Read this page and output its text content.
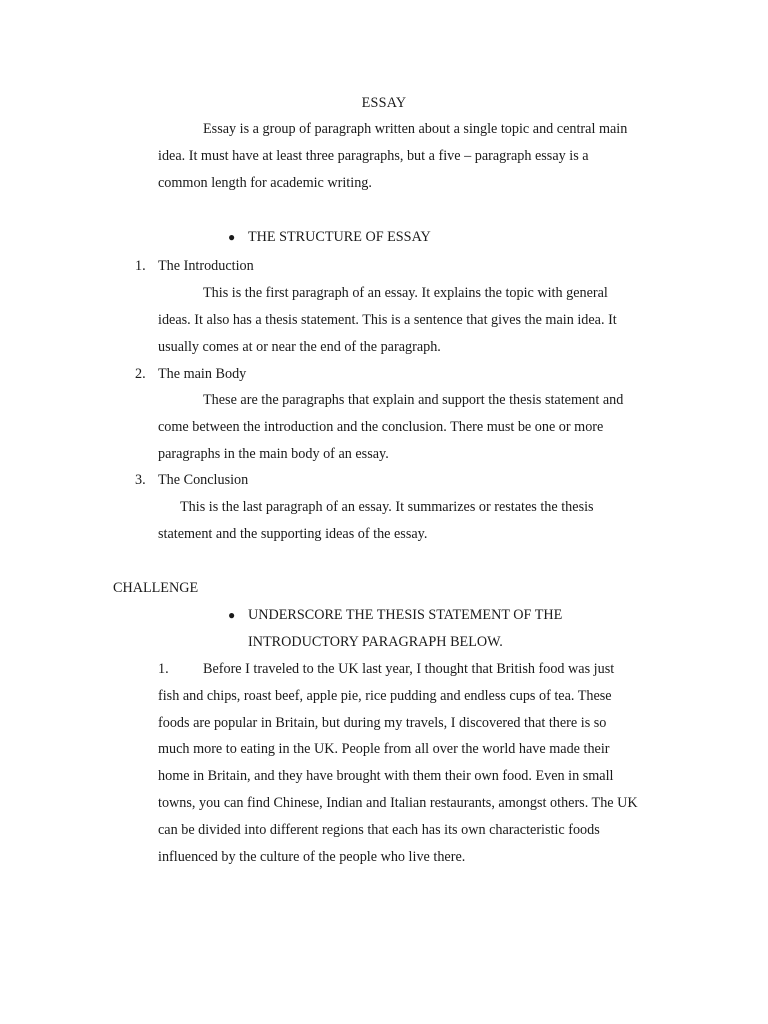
ESSAY

Essay is a group of paragraph written about a single topic and central main idea. It must have at least three paragraphs, but a five – paragraph essay is a common length for academic writing.

● THE STRUCTURE OF ESSAY
1. The Introduction

This is the first paragraph of an essay. It explains the topic with general ideas. It also has a thesis statement. This is a sentence that gives the main idea. It usually comes at or near the end of the paragraph.

2. The main Body

These are the paragraphs that explain and support the thesis statement and come between the introduction and the conclusion. There must be one or more paragraphs in the main body of an essay.

3. The Conclusion

This is the last paragraph of an essay. It summarizes or restates the thesis statement and the supporting ideas of the essay.

CHALLENGE
● UNDERSCORE THE THESIS STATEMENT OF THE INTRODUCTORY PARAGRAPH BELOW.

1. Before I traveled to the UK last year, I thought that British food was just fish and chips, roast beef, apple pie, rice pudding and endless cups of tea. These foods are popular in Britain, but during my travels, I discovered that there is so much more to eating in the UK. People from all over the world have made their home in Britain, and they have brought with them their own food. Even in small towns, you can find Chinese, Indian and Italian restaurants, amongst others. The UK can be divided into different regions that each has its own characteristic foods influenced by the culture of the people who live there.
